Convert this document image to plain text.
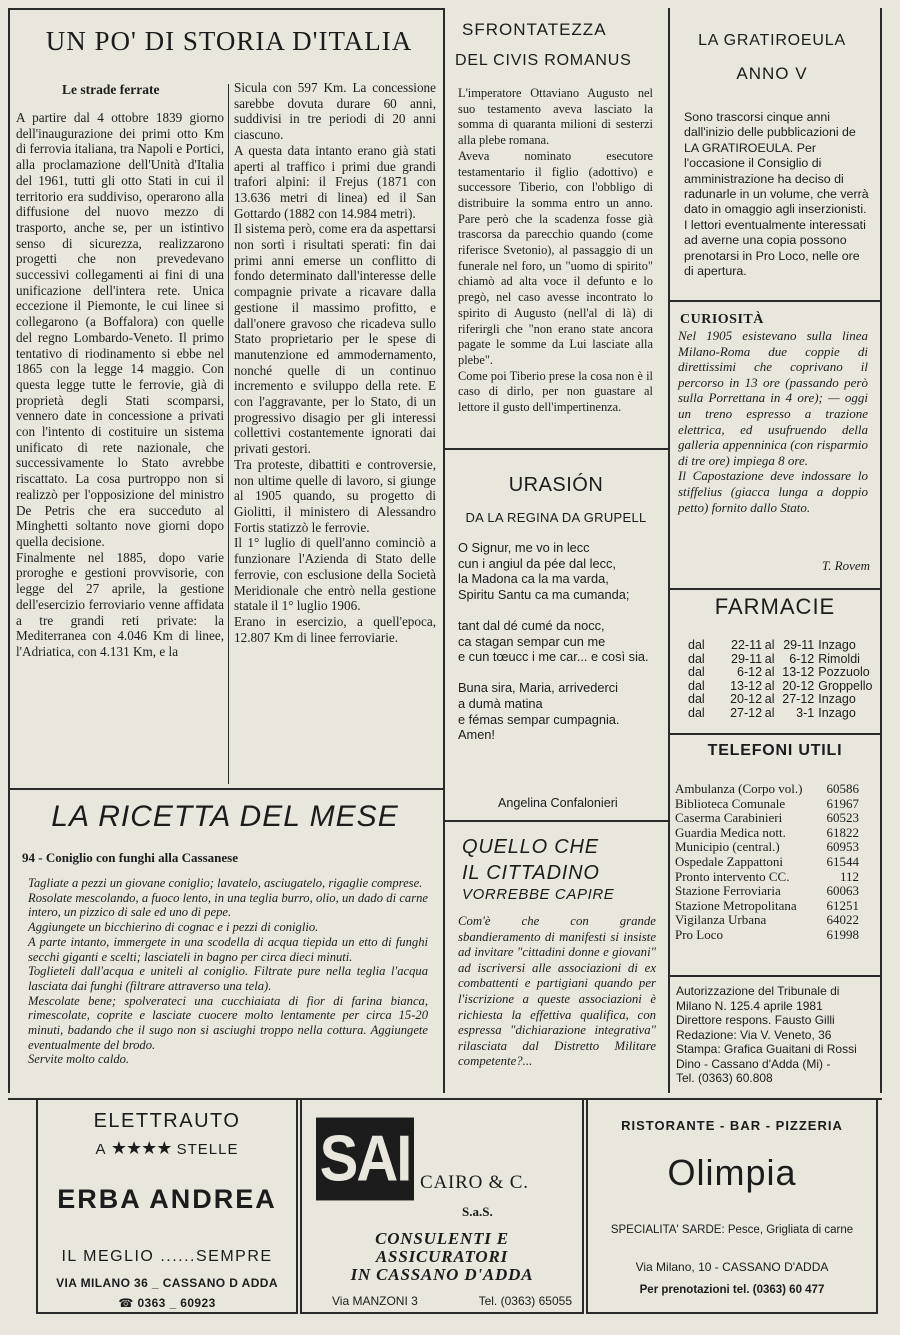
UN PO' DI STORIA D'ITALIA
Le strade ferrate

A partire dal 4 ottobre 1839 giorno dell'inaugurazione dei primi otto Km di ferrovia italiana, tra Napoli e Portici, alla proclamazione dell'Unità d'Italia del 1961, tutti gli otto Stati in cui il territorio era suddiviso, operarono alla diffusione del nuovo mezzo di trasporto, anche se, per un istintivo senso di sicurezza, realizzarono progetti che non prevedevano successivi collegamenti ai fini di una unificazione dell'intera rete. Unica eccezione il Piemonte, le cui linee si collegarono (a Boffalora) con quelle del regno Lombardo-Veneto. Il primo tentativo di riodinamento si ebbe nel 1865 con la legge 14 maggio. Con questa legge tutte le ferrovie, già di proprietà degli Stati scomparsi, vennero date in concessione a privati con l'intento di costituire un sistema unificato di rete nazionale, che successivamente lo Stato avrebbe riscattato. La cosa purtroppo non si realizzò per l'opposizione del ministro De Petris che era succeduto al Minghetti soltanto nove giorni dopo quella decisione.

Finalmente nel 1885, dopo varie proroghe e gestioni provvisorie, con legge del 27 aprile, la gestione dell'esercizio ferroviario venne affidata a tre grandi reti private: la Mediterranea con 4.046 Km di linee, l'Adriatica, con 4.131 Km, e la

Sicula con 597 Km. La concessione sarebbe dovuta durare 60 anni, suddivisi in tre periodi di 20 anni ciascuno.

A questa data intanto erano già stati aperti al traffico i primi due grandi trafori alpini: il Frejus (1871 con 13.636 metri di linea) ed il San Gottardo (1882 con 14.984 metri).

Il sistema però, come era da aspettarsi non sortì i risultati sperati: fin dai primi anni emerse un conflitto di fondo determinato dall'interesse delle compagnie private a ricavare dalla gestione il massimo profitto, e dall'onere gravoso che ricadeva sullo Stato proprietario per le spese di manutenzione ed ammodernamento, nonché quelle di un continuo incremento e sviluppo della rete. E con l'aggravante, per lo Stato, di un progressivo disagio per gli interessi collettivi costantemente ignorati dai privati gestori.

Tra proteste, dibattiti e controversie, non ultime quelle di lavoro, si giunge al 1905 quando, su progetto di Giolitti, il ministero di Alessandro Fortis statizzò le ferrovie.

Il 1° luglio di quell'anno cominciò a funzionare l'Azienda di Stato delle ferrovie, con esclusione della Società Meridionale che entrò nella gestione statale il 1° luglio 1906.

Erano in esercizio, a quell'epoca, 12.807 Km di linee ferroviarie.

SFRONTATEZZA
DEL CIVIS ROMANUS

L'imperatore Ottaviano Augusto nel suo testamento aveva lasciato la somma di quaranta milioni di sesterzi alla plebe romana.

Aveva nominato esecutore testamentario il figlio (adottivo) e successore Tiberio, con l'obbligo di distribuire la somma entro un anno. Pare però che la scadenza fosse già trascorsa da parecchio quando (come riferisce Svetonio), al passaggio di un funerale nel foro, un "uomo di spirito" chiamò ad alta voce il defunto e lo pregò, nel caso avesse incontrato lo spirito di Augusto (nell'al di là) di riferirgli che "non erano state ancora pagate le somme da Lui lasciate alla plebe".

Come poi Tiberio prese la cosa non è il caso di dirlo, per non guastare al lettore il gusto dell'impertinenza.

LA GRATIROEULA
ANNO V

Sono trascorsi cinque anni dall'inizio delle pubblicazioni de LA GRATIROEULA. Per l'occasione il Consiglio di amministrazione ha deciso di radunarle in un volume, che verrà dato in omaggio agli inserzionisti.

I lettori eventualmente interessati ad averne una copia possono prenotarsi in Pro Loco, nelle ore di apertura.

CURIOSITÀ

Nel 1905 esistevano sulla linea Milano-Roma due coppie di direttissimi che coprivano il percorso in 13 ore (passando però sulla Porrettana in 4 ore); — oggi un treno espresso a trazione elettrica, ed usufruendo della galleria appenninica (con risparmio di tre ore) impiega 8 ore.

Il Capostazione deve indossare lo stiffelius (giacca lunga a doppio petto) fornito dallo Stato.

T. Rovem
URASIÓN
DA LA REGINA DA GRUPELL
O Signur, me vo in lecc
cun i angiul da pée dal lecc,
la Madona ca la ma varda,
Spiritu Santu ca ma cumanda;
tant dal dé cumé da nocc,
ca stagan sempar cun me
e cun tœucc i me car... e così sia.
Buna sira, Maria, arrivederci
a dumà matina
e fémas sempar cumpagnia.
Amen!
Angelina Confalonieri
FARMACIE
dal	22-11 al 29-11 Inzago
dal	29-11 al	6-12 Rimoldi
dal	6-12 al 13-12 Pozzuolo
dal	13-12 al 20-12 Groppello
dal	20-12 al 27-12 Inzago
dal	27-12 al	3-1 Inzago
TELEFONI UTILI
Ambulanza (Corpo vol.) 60586
Biblioteca Comunale	61967
Caserma Carabinieri	60523
Guardia Medica nott.	61822
Municipio (central.)	60953
Ospedale Zappattoni	61544
Pronto intervento CC.	112
Stazione Ferroviaria	60063
Stazione Metropolitana 61251
Vigilanza Urbana	64022
Pro Loco	61998
Autorizzazione del Tribunale di
Milano N. 125.4 aprile 1981
Direttore respons. Fausto Gilli
Redazione: Via V. Veneto, 36
Stampa: Grafica Guaitani di Rossi Dino - Cassano d'Adda (Mi) -
Tel. (0363) 60.808
LA RICETTA DEL MESE
94 - Coniglio con funghi alla Cassanese

Tagliate a pezzi un giovane coniglio; lavatelo, asciugatelo, rigaglie comprese.

Rosolate mescolando, a fuoco lento, in una teglia burro, olio, un dado di carne intero, un pizzico di sale ed uno di pepe.

Aggiungete un bicchierino di cognac e i pezzi di coniglio.

A parte intanto, immergete in una scodella di acqua tiepida un etto di funghi secchi giganti e scelti; lasciateli in bagno per circa dieci minuti.

Toglieteli dall'acqua e uniteli al coniglio. Filtrate pure nella teglia l'acqua lasciata dai funghi (filtrare attraverso una tela).

Mescolate bene; spolverateci una cucchiaiata di fior di farina bianca, rimescolate, coprite e lasciate cuocere molto lentamente per circa 15-20 minuti, badando che il sugo non si asciughi troppo nella cottura. Aggiungete eventualmente del brodo.

Servite molto caldo.

QUELLO CHE
IL CITTADINO
VORREBBE CAPIRE
Com'è che con grande sbandieramento di manifesti si insiste ad invitare "cittadini donne e giovani" ad iscriversi alle associazioni di ex combattenti e partigiani quando per l'iscrizione a queste associazioni è richiesta la effettiva qualifica, con espressa "dichiarazione integrativa" rilasciata dal Distretto Militare competente?...
ELETTRAUTO
A ★★★★ STELLE
ERBA ANDREA
IL MEGLIO ......SEMPRE
VIA MILANO 36 _ CASSANO D ADDA
☎ 0363 _ 60923
SAI CAIRO & C.
S.a.S.
CONSULENTI E
ASSICURATORI
IN CASSANO D'ADDA
Via MANZONI 3	Tel. (0363) 65055
RISTORANTE - BAR - PIZZERIA
Olimpia
SPECIALITA' SARDE: Pesce, Grigliata di carne
Via Milano, 10 - CASSANO D'ADDA
Per prenotazioni tel. (0363) 60 477
